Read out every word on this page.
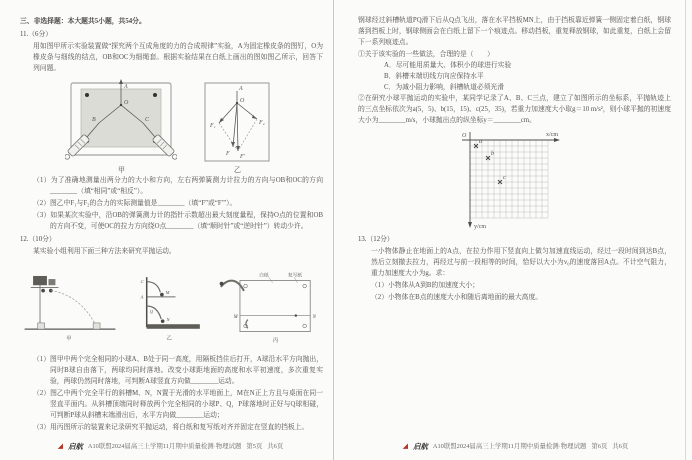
三、非选择题：本大题共5小题，共54分。
11.（6分）
用如图甲所示实验装置做“探究两个互成角度的力的合成规律”实验，A为固定橡皮条的图钉，O为橡皮条与细线的结点，OB和OC为细绳套。根据实验结果在白纸上画出的图如图乙所示，回答下列问题。
A
O
B	C
甲
A
O
F₁	F₂
F F′
乙
（1）为了准确地测量出两分力的大小和方向，左右两弹簧测力计拉力的方向与OB和OC的方向________（填“相同”或“相反”）。
（2）图乙中F₁与F₂的合力的实际测量值是________（填“F”或“F′”）。
（3）如果某次实验中，沿OB的弹簧测力计的指针示数超出最大刻度量程，保持O点的位置和OB的方向不变，可使OC的拉力方向绕O点________（填“顺时针”或“逆时针”）转动少许。
12.（10分）
某实验小组利用下面三种方法来研究平抛运动。
甲
C
A
M
Q
N
乙
白纸	复写纸
M	N
丙
（1）图甲中两个完全相同的小球A、B处于同一高度，用隔板挡住后打开，A球沿水平方向抛出，同时B球自由落下，两球均同时落地。改变小球距地面的高度和水平初速度，多次重复实验，两球仍然同时落地，可判断A球竖直方向做________运动。
（2）图乙中两个完全平行的斜槽M、N，N置于光滑的水平地面上，M在N正上方且与桌面在同一竖直平面内。从斜槽顶端同时释放两个完全相同的小球P、Q，P球落地时正好与Q球相碰，可判断P球从斜槽末端滑出后，水平方向做________运动；
（3）用丙图所示的装置来记录研究平抛运动，将白纸和复写纸对齐并固定在竖直的挡板上。
◢ 启航 A10联盟2024届高三上学期11月期中质量检测·物理试题 第5页 共6页
钢球经过斜槽轨道PQ滑下后从Q点飞出，落在水平挡板MN上，由于挡板靠近弹簧一侧固定着白纸，钢球落到挡板上时，钢球侧面会在白纸上留下一个痕迹点。移动挡板，重复释放钢球，如此重复，白纸上会留下一系列痕迹点。
①关于该实验的一些做法，合理的是（　　）
A．尽可能用质量大、体积小的球进行实验
B．斜槽末端切线方向应保持水平
C．为减小阻力影响，斜槽轨道必须光滑
②在研究小球平抛运动的实验中，某同学记录了A、B、C三点，建立了如图所示的坐标系，平抛轨迹上的三点坐标依次为a(5，5)、b(15，15)、c(25，35)，若重力加速度大小取g＝10 m/s²，则小球平抛的初速度大小为________m/s，小球抛出点的纵坐标y＝________cm。
O	x/cm
y/cm
a
b
c
13.（12分）
一小物体静止在地面上的A点，在拉力作用下竖直向上做匀加速直线运动，经过一段时间到达B点，然后立刻撤去拉力，再经过与前一段相等的时间，恰好以大小为v₀的速度落回A点。不计空气阻力，重力加速度大小为g。求：
（1）小物体从A到B的加速度大小；
（2）小物体在B点的速度大小和随后离地面的最大高度。
◢ 启航 A10联盟2024届高三上学期11月期中质量检测·物理试题 第6页 共6页
